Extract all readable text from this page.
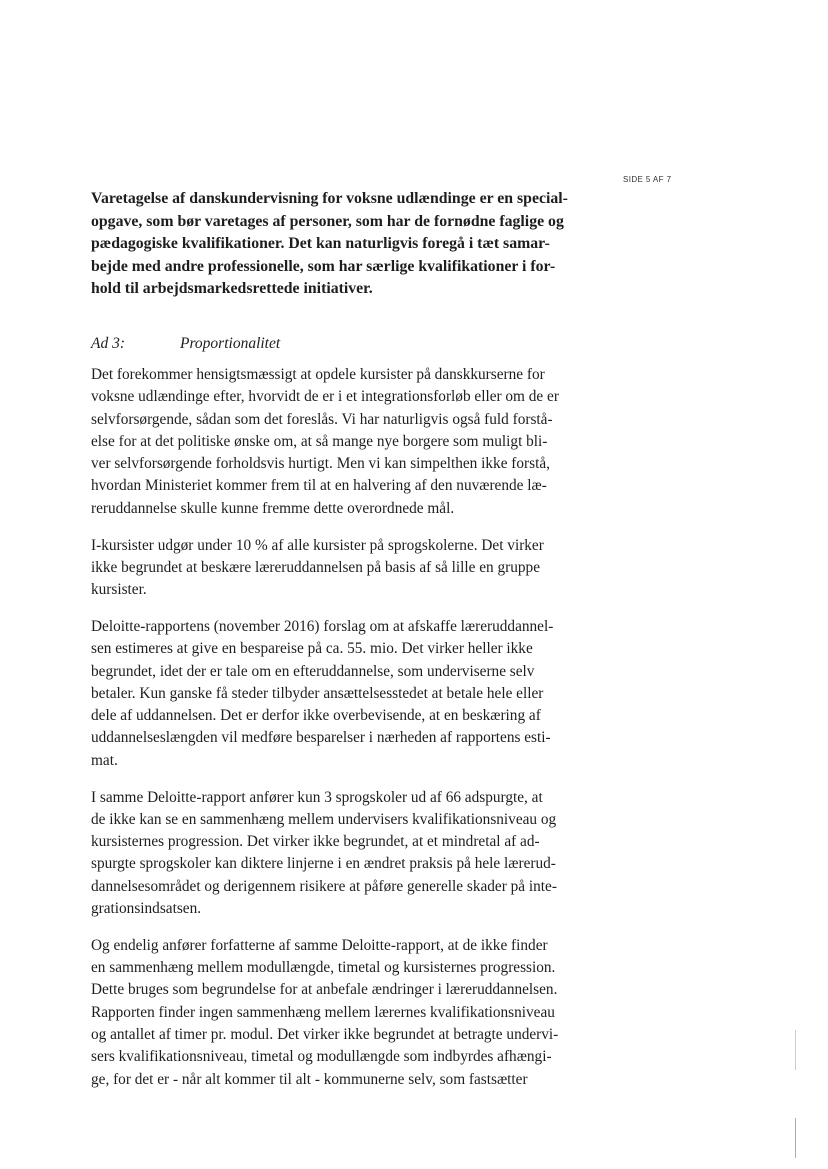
SIDE 5 AF 7
Varetagelse af danskundervisning for voksne udlændinge er en special-
opgave, som bør varetages af personer, som har de fornødne faglige og
pædagogiske kvalifikationer. Det kan naturligvis foregå i tæt samar-
bejde med andre professionelle, som har særlige kvalifikationer i for-
hold til arbejdsmarkedsrettede initiativer.
Ad 3:	Proportionalitet
Det forekommer hensigtsmæssigt at opdele kursister på danskkurserne for
voksne udlændinge efter, hvorvidt de er i et integrationsforløb eller om de er
selvforsørgende, sådan som det foreslås. Vi har naturligvis også fuld forstå-
else for at det politiske ønske om, at så mange nye borgere som muligt bli-
ver selvforsørgende forholdsvis hurtigt. Men vi kan simpelthen ikke forstå,
hvordan Ministeriet kommer frem til at en halvering af den nuværende læ-
reruddannelse skulle kunne fremme dette overordnede mål.
I-kursister udgør under 10 % af alle kursister på sprogskolerne. Det virker
ikke begrundet at beskære læreruddannelsen på basis af så lille en gruppe
kursister.
Deloitte-rapportens (november 2016) forslag om at afskaffe læreruddannel-
sen estimeres at give en bespareise på ca. 55. mio. Det virker heller ikke
begrundet, idet der er tale om en efteruddannelse, som underviserne selv
betaler. Kun ganske få steder tilbyder ansættelsesstedet at betale hele eller
dele af uddannelsen. Det er derfor ikke overbevisende, at en beskæring af
uddannelseslængden vil medføre besparelser i nærheden af rapportens esti-
mat.
I samme Deloitte-rapport anfører kun 3 sprogskoler ud af 66 adspurgte, at
de ikke kan se en sammenhæng mellem undervisers kvalifikationsniveau og
kursisternes progression. Det virker ikke begrundet, at et mindretal af ad-
spurgte sprogskoler kan diktere linjerne i en ændret praksis på hele lærerud-
dannelsesområdet og derigennem risikere at påføre generelle skader på inte-
grationsindsatsen.
Og endelig anfører forfatterne af samme Deloitte-rapport, at de ikke finder
en sammenhæng mellem modullængde, timetal og kursisternes progression.
Dette bruges som begrundelse for at anbefale ændringer i læreruddannelsen.
Rapporten finder ingen sammenhæng mellem lærernes kvalifikationsniveau
og antallet af timer pr. modul. Det virker ikke begrundet at betragte undervi-
sers kvalifikationsniveau, timetal og modullængde som indbyrdes afhængi-
ge, for det er - når alt kommer til alt - kommunerne selv, som fastsætter
